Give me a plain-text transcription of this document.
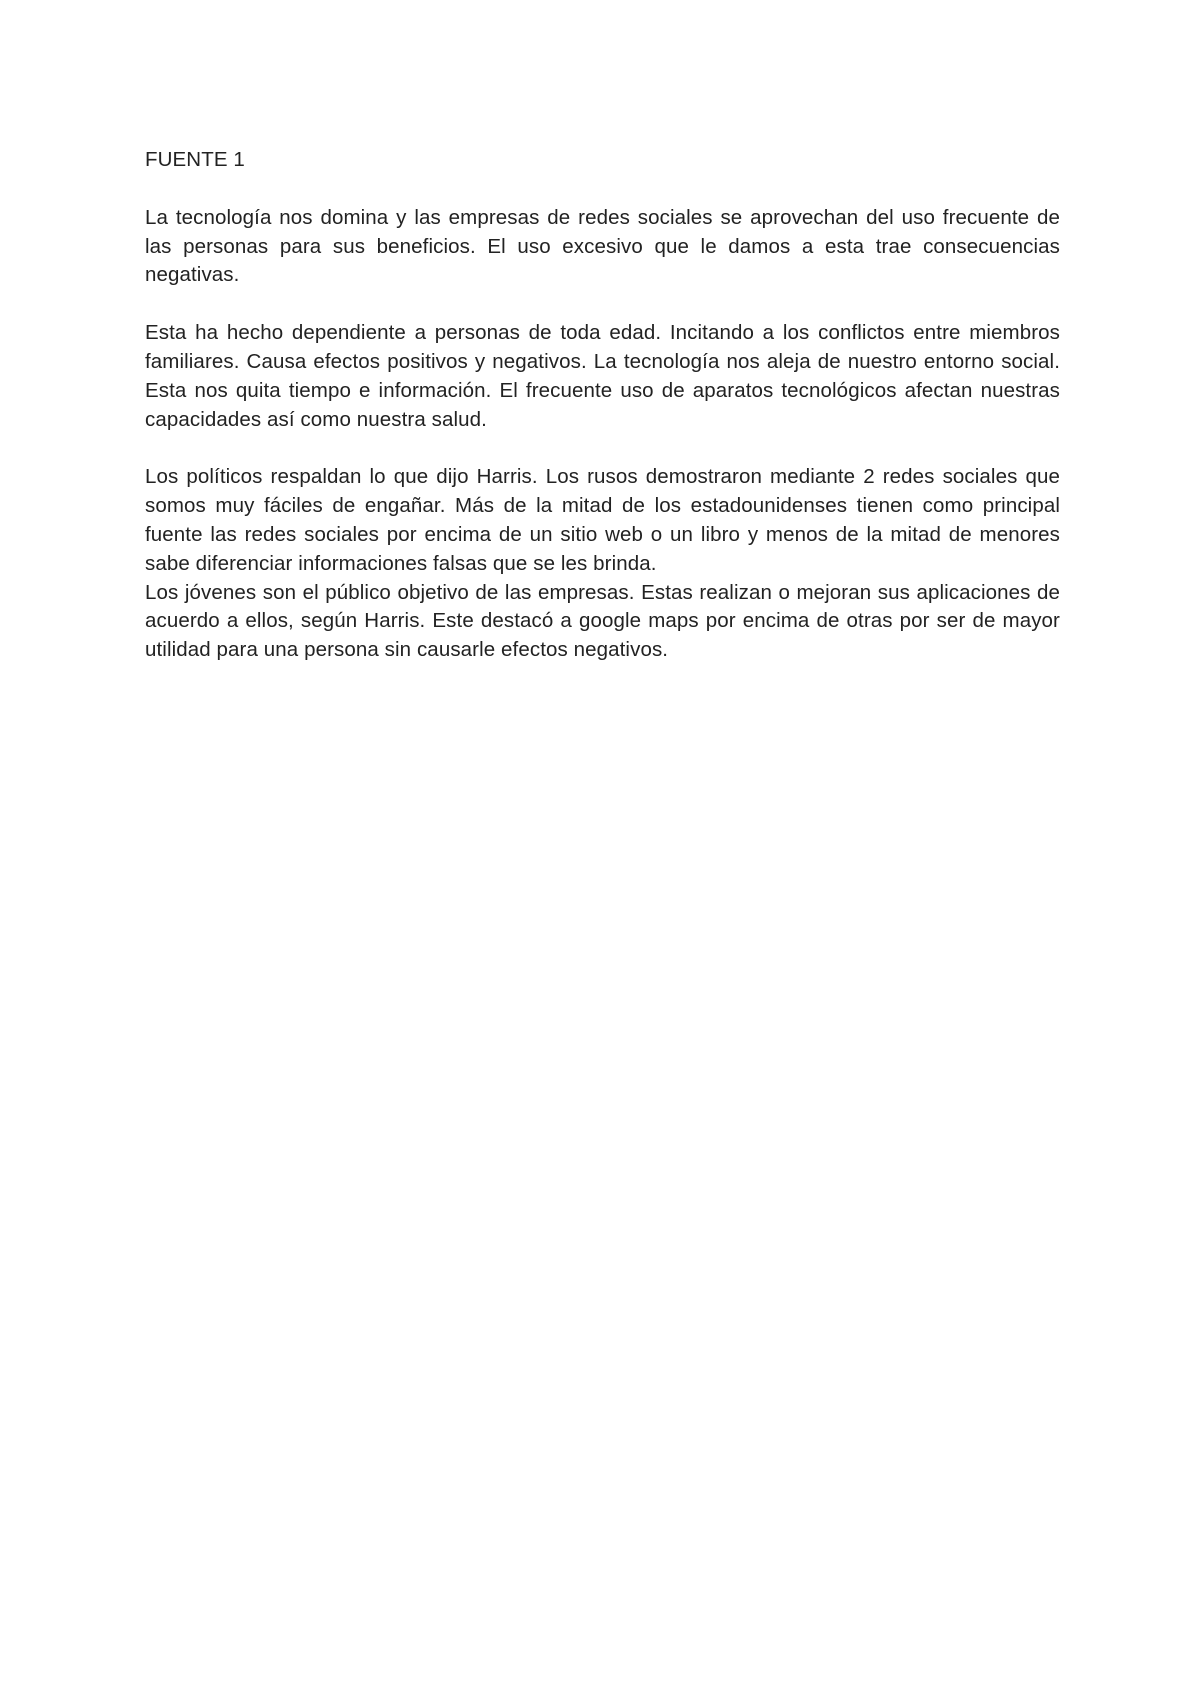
FUENTE 1

La tecnología nos domina y las empresas de redes sociales se aprovechan del uso frecuente de las personas para sus beneficios. El uso excesivo que le damos a esta trae consecuencias negativas.

Esta ha hecho dependiente a personas de toda edad. Incitando a los conflictos entre miembros familiares. Causa efectos positivos y negativos. La tecnología nos aleja de nuestro entorno social. Esta nos quita tiempo e información. El frecuente uso de aparatos tecnológicos afectan nuestras capacidades así como nuestra salud.

Los políticos respaldan lo que dijo Harris. Los rusos demostraron mediante 2 redes sociales que somos muy fáciles de engañar. Más de la mitad de los estadounidenses tienen como principal fuente las redes sociales por encima de un sitio web o un libro y menos de la mitad de menores sabe diferenciar informaciones falsas que se les brinda.

Los jóvenes son el público objetivo de las empresas. Estas realizan o mejoran sus aplicaciones de acuerdo a ellos, según Harris. Este destacó a google maps por encima de otras por ser de mayor utilidad para una persona sin causarle efectos negativos.
